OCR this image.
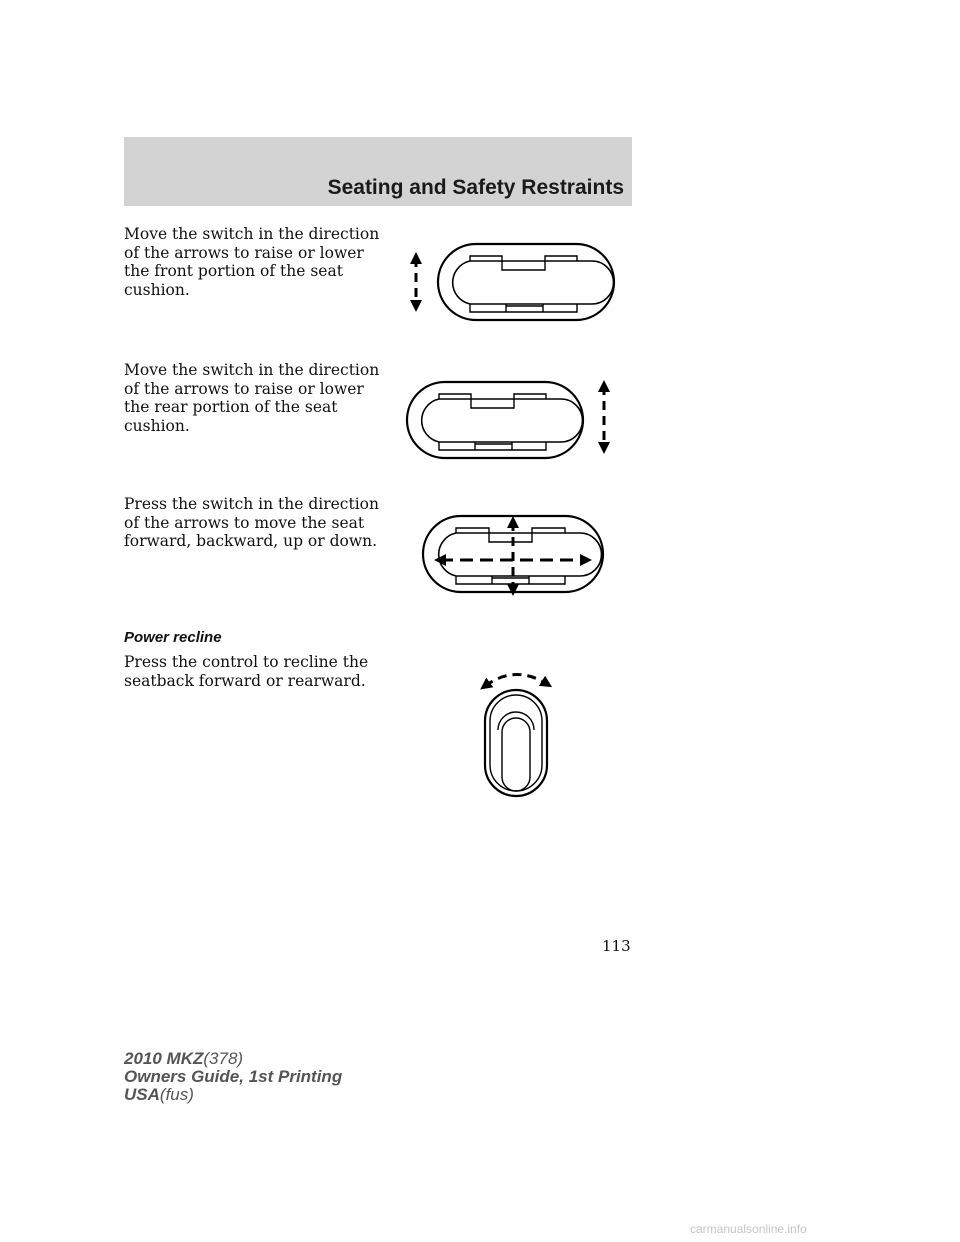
Seating and Safety Restraints
Move the switch in the direction of the arrows to raise or lower the front portion of the seat cushion.
Move the switch in the direction of the arrows to raise or lower the rear portion of the seat cushion.
Press the switch in the direction of the arrows to move the seat forward, backward, up or down.
Power recline
Press the control to recline the seatback forward or rearward.
113
2010 MKZ(378)
Owners Guide, 1st Printing
USA(fus)
carmanualsonline.info
